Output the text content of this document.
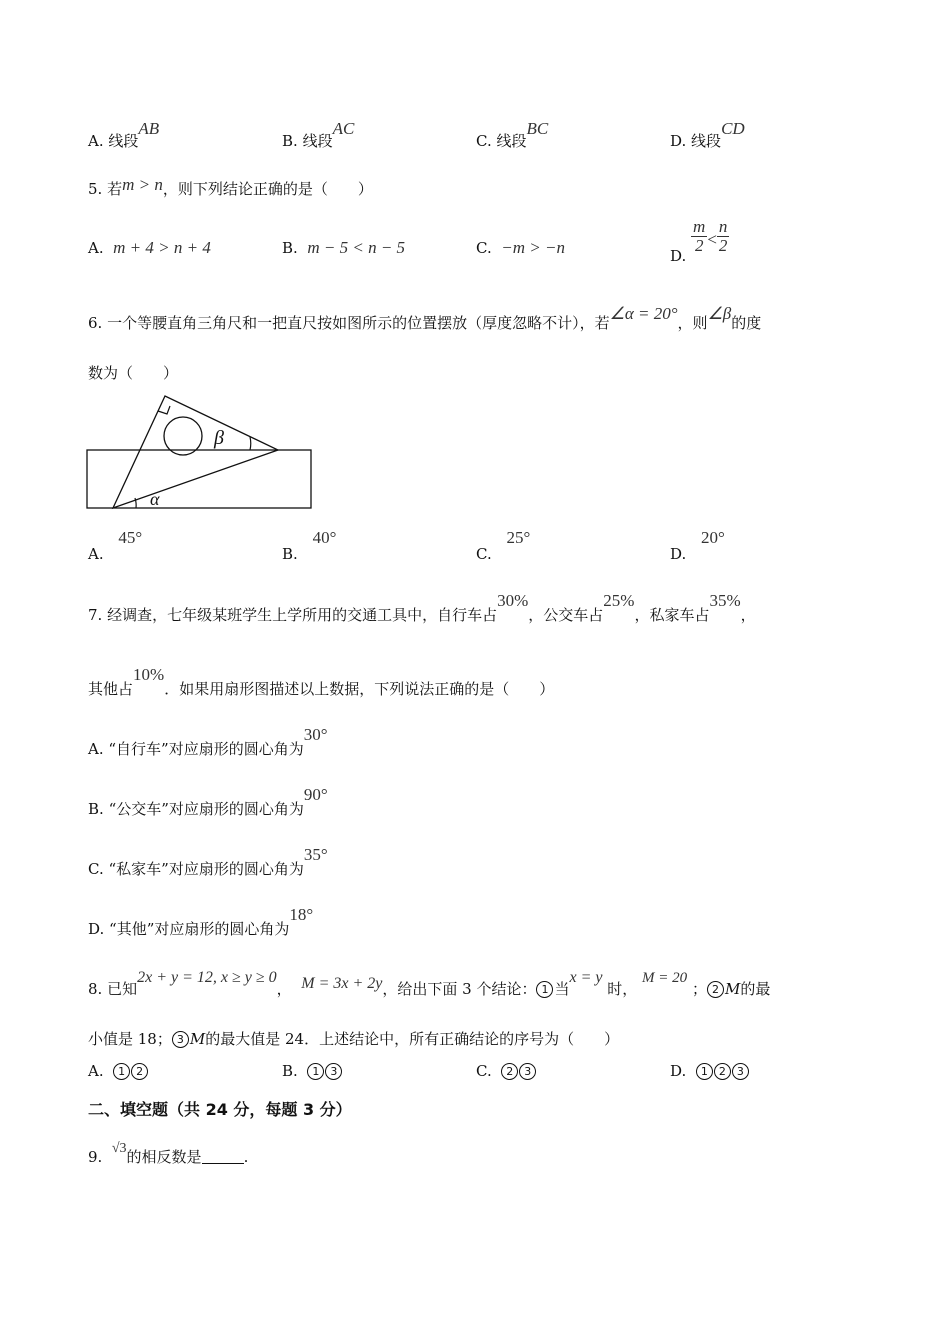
A. 线段AB
B. 线段AC
C. 线段BC
D. 线段CD
5. 若m > n，则下列结论正确的是（　　）
A. m + 4 > n + 4	B. m − 5 < n − 5	C. −m > −n	D.
$\frac{m}{2} < \frac{n}{2}$
6. 一个等腰直角三角尺和一把直尺按如图所示的位置摆放（厚度忽略不计），若∠α = 20°，则∠β的度
数为（　　）
β
α
A. 45°
B. 40°
C. 25°
D. 20°
7. 经调查，七年级某班学生上学所用的交通工具中，自行车占30%，公交车占25%，私家车占35%，
其他占10%．如果用扇形图描述以上数据，下列说法正确的是（　　）
A. “自行车”对应扇形的圆心角为30°
B. “公交车”对应扇形的圆心角为90°
C. “私家车”对应扇形的圆心角为35°
D. “其他”对应扇形的圆心角为18°
8. 已知2x + y = 12, x ≥ y ≥ 0， M = 3x + 2y，给出下面 3 个结论： 1 当x = y 时， M = 20 ； 2 M的最
小值是 18； 3 M的最大值是 24．上述结论中，所有正确结论的序号为（　　）
A. 1 2	B. 1 3	C. 2 3	D. 1 2 3
二、填空题（共 24 分，每题 3 分）
9. √3的相反数是	.
